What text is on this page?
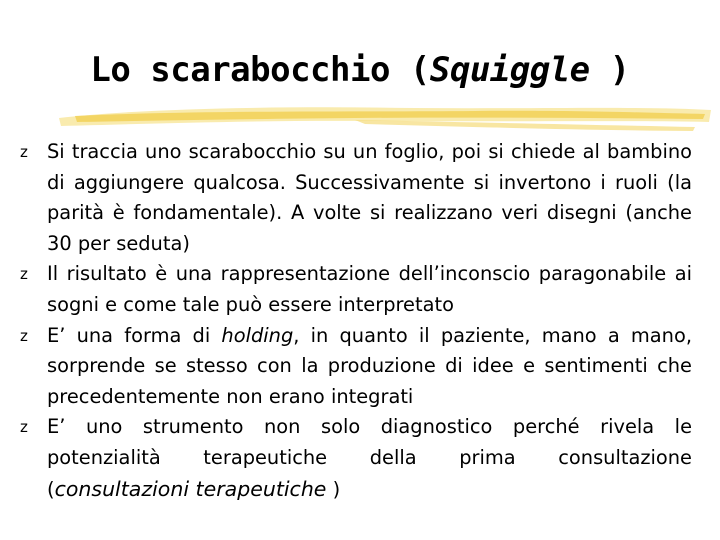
Lo scarabocchio (Squiggle )
z Si traccia uno scarabocchio su un foglio, poi si chiede al bambino di aggiungere qualcosa. Successivamente si invertono i ruoli (la parità è fondamentale). A volte si realizzano veri disegni (anche 30 per seduta)
z Il risultato è una rappresentazione dell’inconscio paragonabile ai sogni e come tale può essere interpretato
z E’ una forma di holding, in quanto il paziente, mano a mano, sorprende se stesso con la produzione di idee e sentimenti che precedentemente non erano integrati
z E’ uno strumento non solo diagnostico perché rivela le potenzialità terapeutiche della prima consultazione (consultazioni terapeutiche )
